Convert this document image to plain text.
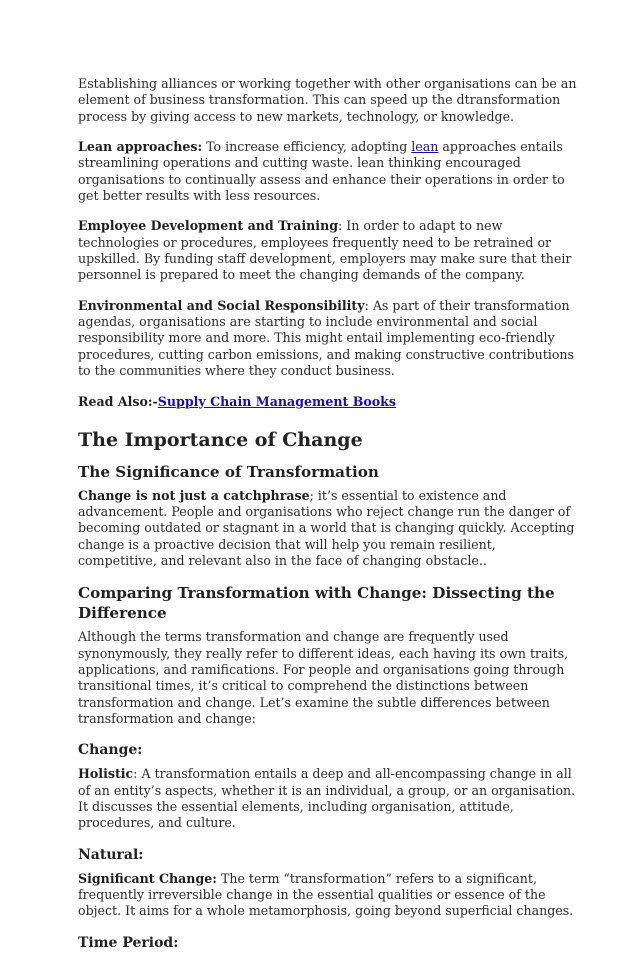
Establishing alliances or working together with other organisations can be an element of business transformation. This can speed up the dtransformation process by giving access to new markets, technology, or knowledge.

Lean approaches: To increase efficiency, adopting lean approaches entails streamlining operations and cutting waste. lean thinking encouraged organisations to continually assess and enhance their operations in order to get better results with less resources.

Employee Development and Training: In order to adapt to new technologies or procedures, employees frequently need to be retrained or upskilled. By funding staff development, employers may make sure that their personnel is prepared to meet the changing demands of the company.

Environmental and Social Responsibility: As part of their transformation agendas, organisations are starting to include environmental and social responsibility more and more. This might entail implementing eco-friendly procedures, cutting carbon emissions, and making constructive contributions to the communities where they conduct business.

Read Also:-Supply Chain Management Books

The Importance of Change
The Significance of Transformation

Change is not just a catchphrase; it’s essential to existence and advancement. People and organisations who reject change run the danger of becoming outdated or stagnant in a world that is changing quickly. Accepting change is a proactive decision that will help you remain resilient, competitive, and relevant also in the face of changing obstacle..

Comparing Transformation with Change: Dissecting the Difference

Although the terms transformation and change are frequently used synonymously, they really refer to different ideas, each having its own traits, applications, and ramifications. For people and organisations going through transitional times, it’s critical to comprehend the distinctions between transformation and change. Let’s examine the subtle differences between transformation and change:

Change:

Holistic: A transformation entails a deep and all-encompassing change in all of an entity’s aspects, whether it is an individual, a group, or an organisation. It discusses the essential elements, including organisation, attitude, procedures, and culture.

Natural:

Significant Change: The term “transformation” refers to a significant, frequently irreversible change in the essential qualities or essence of the object. It aims for a whole metamorphosis, going beyond superficial changes.

Time Period:
